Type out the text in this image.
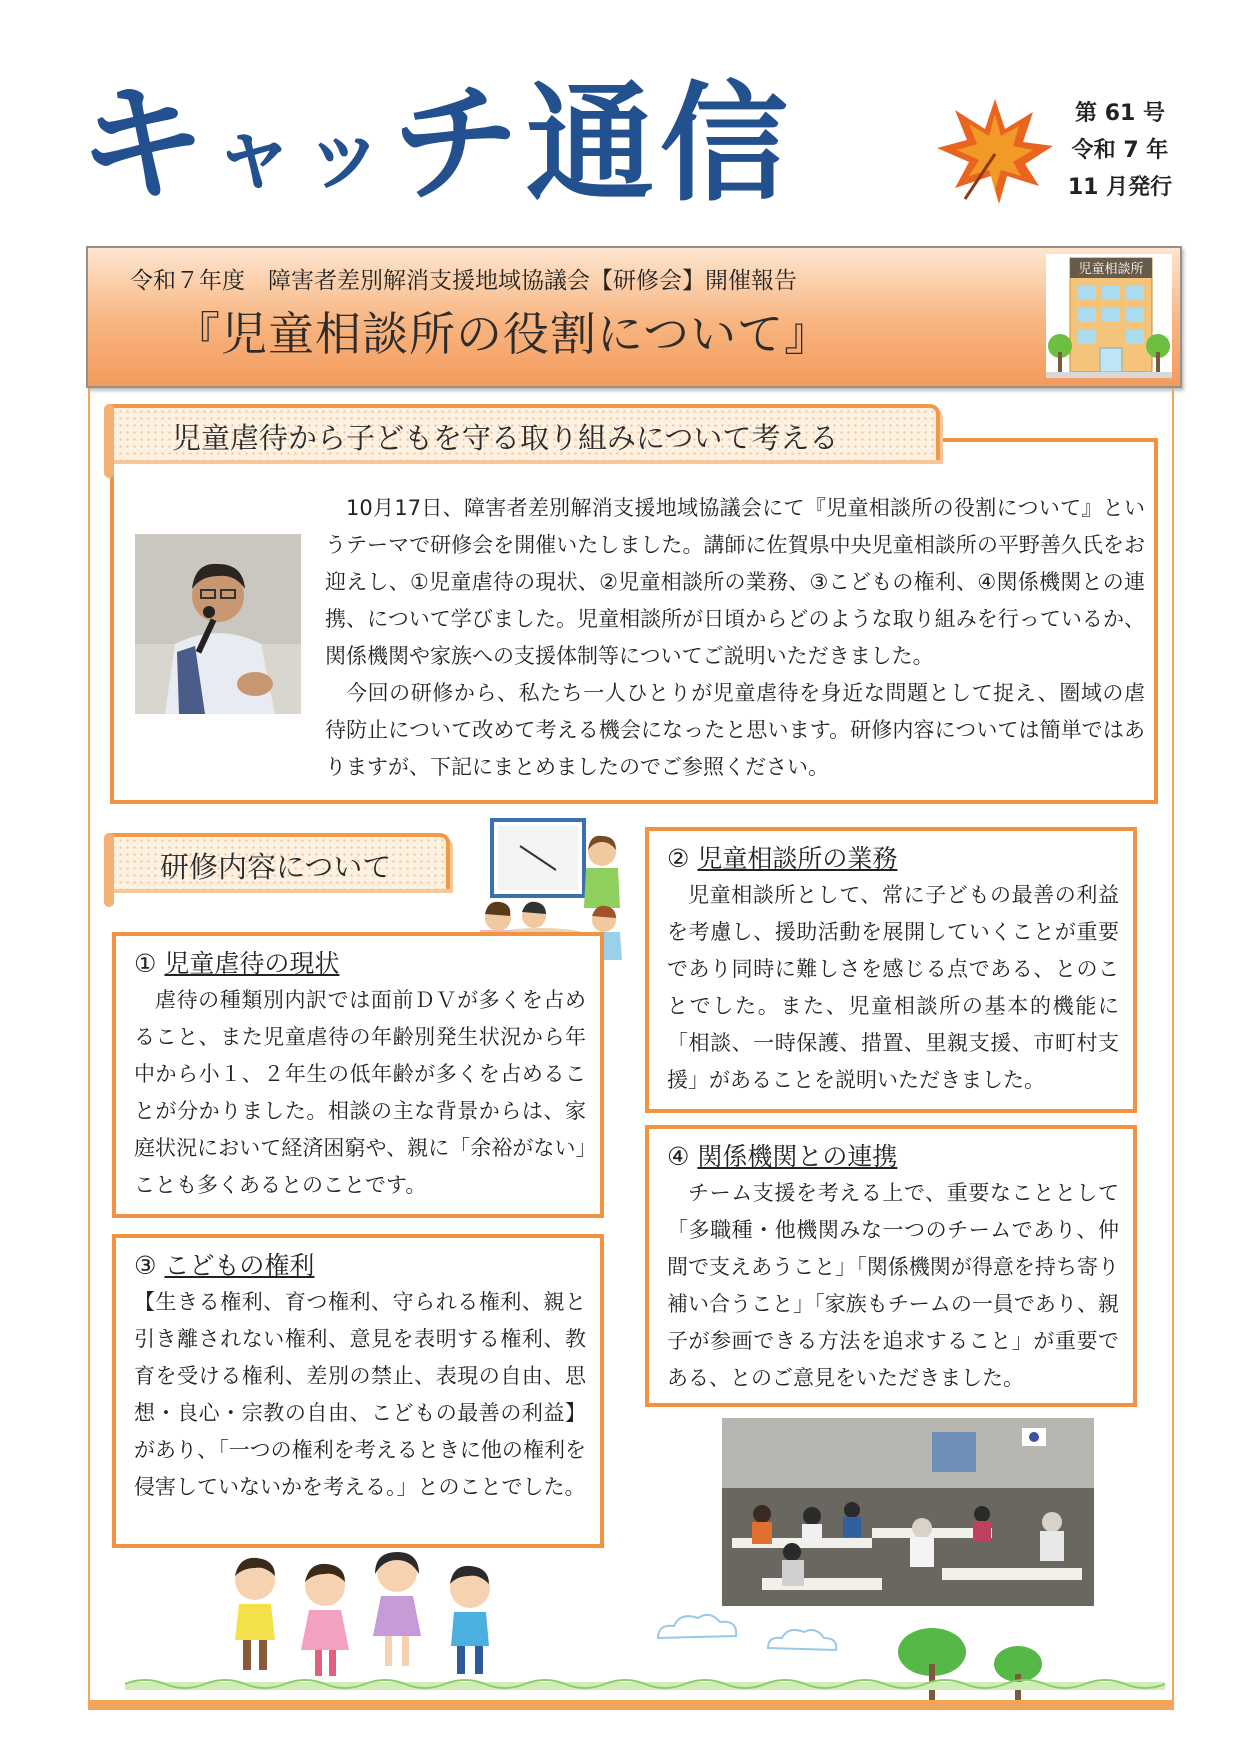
キャッチ通信	第 61 号
令和 7 年
11 月発行
令和７年度　障害者差別解消支援地域協議会【研修会】開催報告
『児童相談所の役割について』
児童相談所
児童虐待から子どもを守る取り組みについて考える

10月17日、障害者差別解消支援地域協議会にて『児童相談所の役割について』というテーマで研修会を開催いたしました。講師に佐賀県中央児童相談所の平野善久氏をお迎えし、①児童虐待の現状、②児童相談所の業務、③こどもの権利、④関係機関との連携、について学びました。児童相談所が日頃からどのような取り組みを行っているか、関係機関や家族への支援体制等についてご説明いただきました。

今回の研修から、私たち一人ひとりが児童虐待を身近な問題として捉え、圏域の虐待防止について改めて考える機会になったと思います。研修内容については簡単ではありますが、下記にまとめましたのでご参照ください。

研修内容について
① 児童虐待の現状
虐待の種類別内訳では面前ＤＶが多くを占めること、また児童虐待の年齢別発生状況から年中から小１、２年生の低年齢が多くを占めることが分かりました。相談の主な背景からは、家庭状況において経済困窮や、親に「余裕がない」ことも多くあるとのことです。
② 児童相談所の業務
児童相談所として、常に子どもの最善の利益を考慮し、援助活動を展開していくことが重要であり同時に難しさを感じる点である、とのことでした。また、児童相談所の基本的機能に「相談、一時保護、措置、里親支援、市町村支援」があることを説明いただきました。
③ こどもの権利
【生きる権利、育つ権利、守られる権利、親と引き離されない権利、意見を表明する権利、教育を受ける権利、差別の禁止、表現の自由、思想・良心・宗教の自由、こどもの最善の利益】があり、「一つの権利を考えるときに他の権利を侵害していないかを考える。」とのことでした。
④ 関係機関との連携
チーム支援を考える上で、重要なこととして「多職種・他機関みな一つのチームであり、仲間で支えあうこと」「関係機関が得意を持ち寄り補い合うこと」「家族もチームの一員であり、親子が参画できる方法を追求すること」が重要である、とのご意見をいただきました。
